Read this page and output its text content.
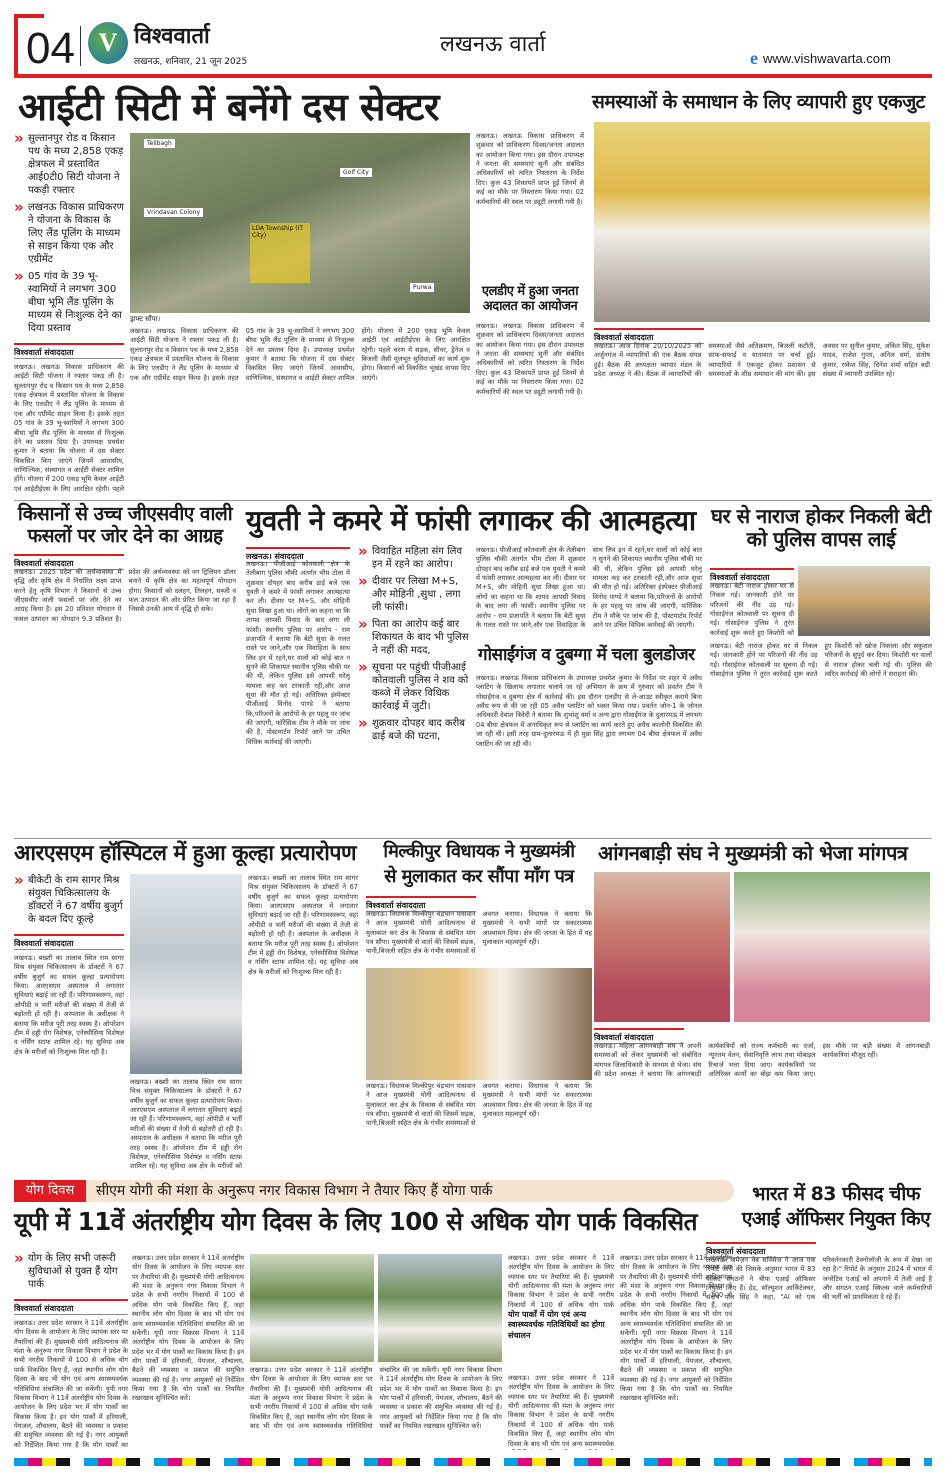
04 V विश्ववार्ता
लखनऊ, शनिवार, 21 जून 2025
लखनऊ वार्ता
e www.vishwavarta.com
आईटी सिटी में बनेंगे दस सेक्टर
» सुल्तानपुर रोड व किसान पथ के मध्य 2,858 एकड़ क्षेत्रफल में प्रस्तावित आई0टी0 सिटी योजना ने पकड़ी रफ्तार
» लखनऊ विकास प्राधिकरण ने योजना के विकास के लिए लैंड पूलिंग के माध्यम से साइन किया एक और एग्रीमेंट
» 05 गांव के 39 भू-स्वामियों ने लगभग 300 बीघा भूमि लैंड पूलिंग के माध्यम से निःशुल्क देने का दिया प्रस्ताव
विश्ववार्ता संवाददाता
लखनऊ। लखनऊ विकास प्राधिकरण की आईटी सिटी योजना ने रफ्तार पकड़ ली है। सुल्तानपुर रोड व किसान पथ के मध्य 2,858 एकड़ क्षेत्रफल में प्रस्तावित योजना के विकास के लिए एलडीए ने लैंड पूलिंग के माध्यम से एक और एग्रीमेंट साइन किया है। इसके तहत 05 गांव के 39 भू-स्वामियों ने लगभग 300 बीघा भूमि लैंड पूलिंग के माध्यम से निःशुल्क देने का प्रस्ताव दिया है। उपाध्यक्ष प्रथमेश कुमार ने बताया कि योजना में दस सेक्टर विकसित किए जाएंगे जिनमें आवासीय, वाणिज्यिक, संस्थागत व आईटी सेक्टर शामिल होंगे। योजना में 200 एकड़ भूमि केवल आईटी एवं आईटीईएस के लिए आरक्षित रहेगी। पहले
Telibagh
Golf City
Vrindavan Colony
LDA Township (IT City)
Purwa
ड्राफ्ट सौंपा।
लखनऊ। लखनऊ विकास प्राधिकरण की आईटी सिटी योजना ने रफ्तार पकड़ ली है। सुल्तानपुर रोड व किसान पथ के मध्य 2,858 एकड़ क्षेत्रफल में प्रस्तावित योजना के विकास के लिए एलडीए ने लैंड पूलिंग के माध्यम से एक और एग्रीमेंट साइन किया है। इसके तहत 05 गांव के 39 भू-स्वामियों ने लगभग 300 बीघा भूमि लैंड पूलिंग के माध्यम से निःशुल्क देने का प्रस्ताव दिया है। उपाध्यक्ष प्रथमेश कुमार ने बताया कि योजना में दस सेक्टर विकसित किए जाएंगे जिनमें आवासीय, वाणिज्यिक, संस्थागत व आईटी सेक्टर शामिल होंगे। योजना में 200 एकड़ भूमि केवल आईटी एवं आईटीईएस के लिए आरक्षित रहेगी। पहले चरण में सड़क, सीवर, ड्रेनेज व बिजली जैसी मूलभूत सुविधाओं का कार्य शुरू होगा। किसानों को विकसित भूखंड वापस दिए जाएंगे।
लखनऊ। लखनऊ विकास प्राधिकरण में शुक्रवार को प्राधिकरण दिवस/जनता अदालत का आयोजन किया गया। इस दौरान उपाध्यक्ष ने जनता की समस्याएं सुनीं और संबंधित अधिकारियों को त्वरित निस्तारण के निर्देश दिए। कुल 43 शिकायतें प्राप्त हुईं जिनमें से कई का मौके पर निस्तारण किया गया। 02 कर्मचारियों की स्थल पर ड्यूटी लगायी गयी है।
एलडीए में हुआ जनता अदालत का आयोजन
लखनऊ। लखनऊ विकास प्राधिकरण में शुक्रवार को प्राधिकरण दिवस/जनता अदालत का आयोजन किया गया। इस दौरान उपाध्यक्ष ने जनता की समस्याएं सुनीं और संबंधित अधिकारियों को त्वरित निस्तारण के निर्देश दिए। कुल 43 शिकायतें प्राप्त हुईं जिनमें से कई का मौके पर निस्तारण किया गया। 02 कर्मचारियों की स्थल पर ड्यूटी लगायी गयी है।
समस्याओं के समाधान के लिए व्यापारी हुए एकजुट
विश्ववार्ता संवाददाता
लखनऊ। आज दिनांक 20/10/2025 को अर्जुनगंज में व्यापारियों की एक बैठक संपन्न हुई। बैठक की अध्यक्षता व्यापार मंडल के प्रदेश अध्यक्ष ने की। बैठक में व्यापारियों की समस्याओं जैसे अतिक्रमण, बिजली कटौती, साफ-सफाई व यातायात पर चर्चा हुई। व्यापारियों ने एकजुट होकर प्रशासन से समस्याओं के शीघ्र समाधान की मांग की। इस अवसर पर सुनील कुमार, अंकित सिंह, मुकेश यादव, राजेश गुप्ता, अनिल वर्मा, संतोष कुमार, राकेश सिंह, दिनेश शर्मा सहित बड़ी संख्या में व्यापारी उपस्थित रहे।
किसानों से उच्च जीएसवीए वाली फसलों पर जोर देने का आग्रह
विश्ववार्ता संवाददाता
लखनऊ। 2025 प्रदेश की अर्थव्यवस्था में वृद्धि और कृषि क्षेत्र में निर्धारित लक्ष्य प्राप्त करने हेतु कृषि विभाग ने किसानों से उच्च जीएसवीए वाली फसलों पर जोर देने का आग्रह किया है। इस 20 प्रतिशत योगदान में फसल उत्पादन का योगदान 9.3 प्रतिशत है। प्रदेश की अर्थव्यवस्था को वन ट्रिलियन डॉलर बनाने में कृषि क्षेत्र का महत्वपूर्ण योगदान होगा। किसानों को दलहन, तिलहन, सब्जी व फल उत्पादन की ओर प्रेरित किया जा रहा है जिससे उनकी आय में वृद्धि हो सके।
युवती ने कमरे में फांसी लगाकर की आत्महत्या
लखनऊ। संवाददाता
लखनऊ। पीजीआई कोतवाली क्षेत्र के तेलीबाग पुलिस चौकी अंतर्गत भीम टोला में शुक्रवार दोपहर बाद करीब ढाई बजे एक युवती ने कमरे में फांसी लगाकर आत्महत्या कर ली। दीवार पर M+S, और मोहिनी सुधा लिखा हुआ था। लोगों का कहना था कि शायद आपसी विवाद के बाद लगा ली फांसी। स्थानीय पुलिस पर आरोप - राम प्रजापति ने बताया कि बेटी सुधा के गलत रास्ते पर जाने,और एक विवाहिता के साथ लिव इन में रहने,घर वालों को कोई बात न सुनने की शिकायत स्थानीय पुलिस चौकी पर की थी, लेकिन पुलिस इसे आपसी घरेलू मामला कह कर टरकाती रही,और आज सुधा की मौत हो गई। अतिरिक्त इंस्पेक्टर पीजीआई विनोद पाण्डे ने बताया कि,परिजनों के आरोपों के हर पहलू पर जांच की जाएगी, फॉरेंसिक टीम ने मौके पर जांच की है, पोस्टमार्टम रिपोर्ट आने पर उचित विधिक कार्रवाई की जाएगी।
» विवाहित महिला संग लिव इन में रहने का आरोप।
» दीवार पर लिखा M+S, और मोहिनी ,सुधा , लगा ली फांसी।
» पिता का आरोप कई बार शिकायत के बाद भी पुलिस ने नहीं की मदद,
» सूचना पर पहुंची पीजीआई कोतवाली पुलिस ने शव को कब्जे में लेकर विधिक कार्रवाई में जुटी।
» शुक्रवार दोपहर बाद करीब ढाई बजे की घटना,
लखनऊ। पीजीआई कोतवाली क्षेत्र के तेलीबाग पुलिस चौकी अंतर्गत भीम टोला में शुक्रवार दोपहर बाद करीब ढाई बजे एक युवती ने कमरे में फांसी लगाकर आत्महत्या कर ली। दीवार पर M+S, और मोहिनी सुधा लिखा हुआ था। लोगों का कहना था कि शायद आपसी विवाद के बाद लगा ली फांसी। स्थानीय पुलिस पर आरोप - राम प्रजापति ने बताया कि बेटी सुधा के गलत रास्ते पर जाने,और एक विवाहिता के साथ लिव इन में रहने,घर वालों को कोई बात न सुनने की शिकायत स्थानीय पुलिस चौकी पर की थी, लेकिन पुलिस इसे आपसी घरेलू मामला कह कर टरकाती रही,और आज सुधा की मौत हो गई। अतिरिक्त इंस्पेक्टर पीजीआई विनोद पाण्डे ने बताया कि,परिजनों के आरोपों के हर पहलू पर जांच की जाएगी, फॉरेंसिक टीम ने मौके पर जांच की है, पोस्टमार्टम रिपोर्ट आने पर उचित विधिक कार्रवाई की जाएगी।
गोसाईंगंज व दुबग्गा में चला बुलडोजर
लखनऊ। लखनऊ विकास प्राधिकरण के उपाध्यक्ष प्रथमेश कुमार के निर्देश पर शहर में अवैध प्लाटिंग के खिलाफ लगातार चलाये जा रहे अभियान के क्रम में गुरुवार को प्रवर्तन टीम ने गोसाईंगंज व दुबग्गा क्षेत्र में कार्रवाई की। इस दौरान एलडीए से ले-आउट स्वीकृत कराये बिना अवैध रूप से की जा रही 05 अवैध प्लाटिंग को ध्वस्त किया गया। प्रवर्तन जोन-1 के जोनल अधिकारी देवांश त्रिवेदी ने बताया कि शुभांशु वर्मा व अन्य द्वारा गोसाईंगंज के दुलारमऊ में लगभग 04 बीघा क्षेत्रफल में अनाधिकृत रूप से प्लाटिंग का कार्य करते हुए अवैध कालोनी विकसित की जा रही थी। इसी तरह ग्राम-दुलारमऊ में ही मुन्ना सिंह द्वारा लगभग 04 बीघा क्षेत्रफल में अवैध प्लाटिंग की जा रही थी।
घर से नाराज होकर निकली बेटी को पुलिस वापस लाई
विश्ववार्ता संवाददाता
लखनऊ। बेटी नाराज होकर घर से निकल गई। जानकारी होने पर परिजनों की नींद उड़ गई। गोसाईगंज कोतवाली पर सूचना दी गई। गोसाईगंज पुलिस ने तुरंत कार्रवाई शुरू करते हुए किशोरी को
लखनऊ। बेटी नाराज होकर घर से निकल गई। जानकारी होने पर परिजनों की नींद उड़ गई। गोसाईगंज कोतवाली पर सूचना दी गई। गोसाईगंज पुलिस ने तुरंत कार्रवाई शुरू करते हुए किशोरी को खोज निकाला और सकुशल परिजनों के सुपुर्द कर दिया। किशोरी घर वालों से नाराज होकर चली गई थी। पुलिस की त्वरित कार्रवाई की लोगों ने सराहना की।
आरएसएम हॉस्पिटल में हुआ कूल्हा प्रत्यारोपण
» बीकेटी के राम सागर मिश्र संयुक्त चिकित्सालय के डॉक्टरों ने 67 वर्षीय बुजुर्ग के बदल दिए कूल्हे
विश्ववार्ता संवाददाता
लखनऊ। बख्शी का तालाब स्थित राम सागर मिश्र संयुक्त चिकित्सालय के डॉक्टरों ने 67 वर्षीय बुजुर्ग का सफल कूल्हा प्रत्यारोपण किया। आरएसएम अस्पताल में लगातार सुविधाएं बढ़ाई जा रही हैं। परिणामस्वरूप, वहां ओपीडी व भर्ती मरीजों की संख्या में तेजी से बढ़ोतरी हो रही है। अस्पताल के अधीक्षक ने बताया कि मरीज पूरी तरह स्वस्थ है। ऑपरेशन टीम में हड्डी रोग विशेषज्ञ, एनेस्थीसिया विशेषज्ञ व नर्सिंग स्टाफ शामिल रहे। यह सुविधा अब क्षेत्र के मरीजों को निःशुल्क मिल रही है।
लखनऊ। बख्शी का तालाब स्थित राम सागर मिश्र संयुक्त चिकित्सालय के डॉक्टरों ने 67 वर्षीय बुजुर्ग का सफल कूल्हा प्रत्यारोपण किया। आरएसएम अस्पताल में लगातार सुविधाएं बढ़ाई जा रही हैं। परिणामस्वरूप, वहां ओपीडी व भर्ती मरीजों की संख्या में तेजी से बढ़ोतरी हो रही है। अस्पताल के अधीक्षक ने बताया कि मरीज पूरी तरह स्वस्थ है। ऑपरेशन टीम में हड्डी रोग विशेषज्ञ, एनेस्थीसिया विशेषज्ञ व नर्सिंग स्टाफ शामिल रहे। यह सुविधा अब क्षेत्र के मरीजों को
लखनऊ। बख्शी का तालाब स्थित राम सागर मिश्र संयुक्त चिकित्सालय के डॉक्टरों ने 67 वर्षीय बुजुर्ग का सफल कूल्हा प्रत्यारोपण किया। आरएसएम अस्पताल में लगातार सुविधाएं बढ़ाई जा रही हैं। परिणामस्वरूप, वहां ओपीडी व भर्ती मरीजों की संख्या में तेजी से बढ़ोतरी हो रही है। अस्पताल के अधीक्षक ने बताया कि मरीज पूरी तरह स्वस्थ है। ऑपरेशन टीम में हड्डी रोग विशेषज्ञ, एनेस्थीसिया विशेषज्ञ व नर्सिंग स्टाफ शामिल रहे। यह सुविधा अब क्षेत्र के मरीजों को निःशुल्क मिल रही है।
मिल्कीपुर विधायक ने मुख्यमंत्री
से मुलाकात कर सौंपा माँग पत्र
विश्ववार्ता संवाददाता
लखनऊ। विधायक मिल्कीपुर चंद्रभान पासवान ने आज मुख्यमंत्री योगी आदित्यनाथ से मुलाकात कर क्षेत्र के विकास से संबंधित मांग पत्र सौंपा। मुख्यमंत्री से वार्ता की जिसमें सड़क, पानी,बिजली सहित क्षेत्र के गंभीर समस्याओं से अवगत कराया। विधायक ने बताया कि मुख्यमंत्री ने सभी मांगों पर सकारात्मक आश्वासन दिया। क्षेत्र की जनता के हित में यह मुलाकात महत्वपूर्ण रही।
लखनऊ। विधायक मिल्कीपुर चंद्रभान पासवान ने आज मुख्यमंत्री योगी आदित्यनाथ से मुलाकात कर क्षेत्र के विकास से संबंधित मांग पत्र सौंपा। मुख्यमंत्री से वार्ता की जिसमें सड़क, पानी,बिजली सहित क्षेत्र के गंभीर समस्याओं से अवगत कराया। विधायक ने बताया कि मुख्यमंत्री ने सभी मांगों पर सकारात्मक आश्वासन दिया। क्षेत्र की जनता के हित में यह मुलाकात महत्वपूर्ण रही।
आंगनबाड़ी संघ ने मुख्यमंत्री को भेजा मांगपत्र
विश्ववार्ता संवाददाता
लखनऊ। महिला आंगनबाड़ी संघ ने अपनी समस्याओं को लेकर मुख्यमंत्री को संबोधित मांगपत्र जिलाधिकारी के माध्यम से भेजा। संघ की प्रदेश अध्यक्ष ने बताया कि आंगनबाड़ी कार्यकत्रियों को राज्य कर्मचारी का दर्जा, न्यूनतम वेतन, सेवानिवृत्ति लाभ तथा मोबाइल रिचार्ज भत्ता दिया जाए। कार्यकत्रियों पर अतिरिक्त कार्यों का बोझ कम किया जाए। इस मौके पर बड़ी संख्या में आंगनबाड़ी कार्यकत्रियां मौजूद रहीं।
योग दिवस	सीएम योगी की मंशा के अनुरूप नगर विकास विभाग ने तैयार किए हैं योगा पार्क
यूपी में 11वें अंतर्राष्ट्रीय योग दिवस के लिए 100 से अधिक योग पार्क विकसित
» योग के लिए सभी जरूरी सुविधाओं से युक्त हैं योग पार्क
विश्ववार्ता संवाददाता
लखनऊ। उत्तर प्रदेश सरकार ने 11वें अंतर्राष्ट्रीय योग दिवस के आयोजन के लिए व्यापक स्तर पर तैयारियां की हैं। मुख्यमंत्री योगी आदित्यनाथ की मंशा के अनुरूप नगर विकास विभाग ने प्रदेश के सभी नगरीय निकायों में 100 से अधिक योग पार्क विकसित किए हैं, जहां स्थानीय लोग योग दिवस के बाद भी योग एवं अन्य स्वास्थ्यवर्धक गतिविधियां संचालित की जा सकेंगी। यूपी नगर विकास विभाग ने 11वें अंतर्राष्ट्रीय योग दिवस के आयोजन के लिए प्रदेश भर में योग पार्कों का विकास किया है। इन योग पार्कों में हरियाली, पेयजल, शौचालय, बैठने की व्यवस्था व प्रकाश की समुचित व्यवस्था की गई है। नगर आयुक्तों को निर्देशित किया गया है कि योग पार्कों का
लखनऊ। उत्तर प्रदेश सरकार ने 11वें अंतर्राष्ट्रीय योग दिवस के आयोजन के लिए व्यापक स्तर पर तैयारियां की हैं। मुख्यमंत्री योगी आदित्यनाथ की मंशा के अनुरूप नगर विकास विभाग ने प्रदेश के सभी नगरीय निकायों में 100 से अधिक योग पार्क विकसित किए हैं, जहां स्थानीय लोग योग दिवस के बाद भी योग एवं अन्य स्वास्थ्यवर्धक गतिविधियां संचालित की जा सकेंगी। यूपी नगर विकास विभाग ने 11वें अंतर्राष्ट्रीय योग दिवस के आयोजन के लिए प्रदेश भर में योग पार्कों का विकास किया है। इन योग पार्कों में हरियाली, पेयजल, शौचालय, बैठने की व्यवस्था व प्रकाश की समुचित व्यवस्था की गई है। नगर आयुक्तों को निर्देशित किया गया है कि योग पार्कों का नियमित रखरखाव सुनिश्चित करें।
लखनऊ। उत्तर प्रदेश सरकार ने 11वें अंतर्राष्ट्रीय योग दिवस के आयोजन के लिए व्यापक स्तर पर तैयारियां की हैं। मुख्यमंत्री योगी आदित्यनाथ की मंशा के अनुरूप नगर विकास विभाग ने प्रदेश के सभी नगरीय निकायों में 100 से अधिक योग पार्क विकसित किए हैं, जहां स्थानीय लोग योग दिवस के बाद भी योग एवं अन्य स्वास्थ्यवर्धक गतिविधियां संचालित की जा सकेंगी। यूपी नगर विकास विभाग ने 11वें अंतर्राष्ट्रीय योग दिवस के आयोजन के लिए प्रदेश भर में योग पार्कों का विकास किया है। इन योग पार्कों में हरियाली, पेयजल, शौचालय, बैठने की व्यवस्था व प्रकाश की समुचित व्यवस्था की गई है। नगर आयुक्तों को निर्देशित किया गया है कि योग पार्कों का नियमित रखरखाव सुनिश्चित करें।
लखनऊ। उत्तर प्रदेश सरकार ने 11वें अंतर्राष्ट्रीय योग दिवस के आयोजन के लिए व्यापक स्तर पर तैयारियां की हैं। मुख्यमंत्री योगी आदित्यनाथ की मंशा के अनुरूप नगर विकास विभाग ने प्रदेश के सभी नगरीय निकायों में 100 से अधिक योग पार्क
योग पार्कों में योग एवं अन्य स्वास्थ्यवर्धक गतिविधियों का होगा संचालन
लखनऊ। उत्तर प्रदेश सरकार ने 11वें अंतर्राष्ट्रीय योग दिवस के आयोजन के लिए व्यापक स्तर पर तैयारियां की हैं। मुख्यमंत्री योगी आदित्यनाथ की मंशा के अनुरूप नगर विकास विभाग ने प्रदेश के सभी नगरीय निकायों में 100 से अधिक योग पार्क विकसित किए हैं, जहां स्थानीय लोग योग दिवस के बाद भी योग एवं अन्य स्वास्थ्यवर्धक
लखनऊ। उत्तर प्रदेश सरकार ने 11वें अंतर्राष्ट्रीय योग दिवस के आयोजन के लिए व्यापक स्तर पर तैयारियां की हैं। मुख्यमंत्री योगी आदित्यनाथ की मंशा के अनुरूप नगर विकास विभाग ने प्रदेश के सभी नगरीय निकायों में 100 से अधिक योग पार्क विकसित किए हैं, जहां स्थानीय लोग योग दिवस के बाद भी योग एवं अन्य स्वास्थ्यवर्धक गतिविधियां संचालित की जा सकेंगी। यूपी नगर विकास विभाग ने 11वें अंतर्राष्ट्रीय योग दिवस के आयोजन के लिए प्रदेश भर में योग पार्कों का विकास किया है। इन योग पार्कों में हरियाली, पेयजल, शौचालय, बैठने की व्यवस्था व प्रकाश की समुचित व्यवस्था की गई है। नगर आयुक्तों को निर्देशित किया गया है कि योग पार्कों का नियमित रखरखाव सुनिश्चित करें।
भारत में 83 फीसद चीफ एआई ऑफिसर नियुक्त किए
विश्ववार्ता संवाददाता
लखनऊ। अमेज़न वेब सर्विसेज ने आज एक रिपोर्ट जारी की जिसके अनुसार भारत में 83 फीसद संगठनों ने चीफ एआई ऑफिसर नियुक्त किए हैं। हेड, सॉल्यूशन आर्किटेक्चर, संदीप पाल सिंह ने कहा, "AI को एक परिवर्तनकारी टेक्नोलॉजी के रूप में देखा जा रहा है।" रिपोर्ट के अनुसार 2024 में भारत में जनरेटिव एआई को अपनाने में तेजी आई है और संगठन एआई स्किल्स वाले कर्मचारियों की भर्ती को प्राथमिकता दे रहे हैं।
